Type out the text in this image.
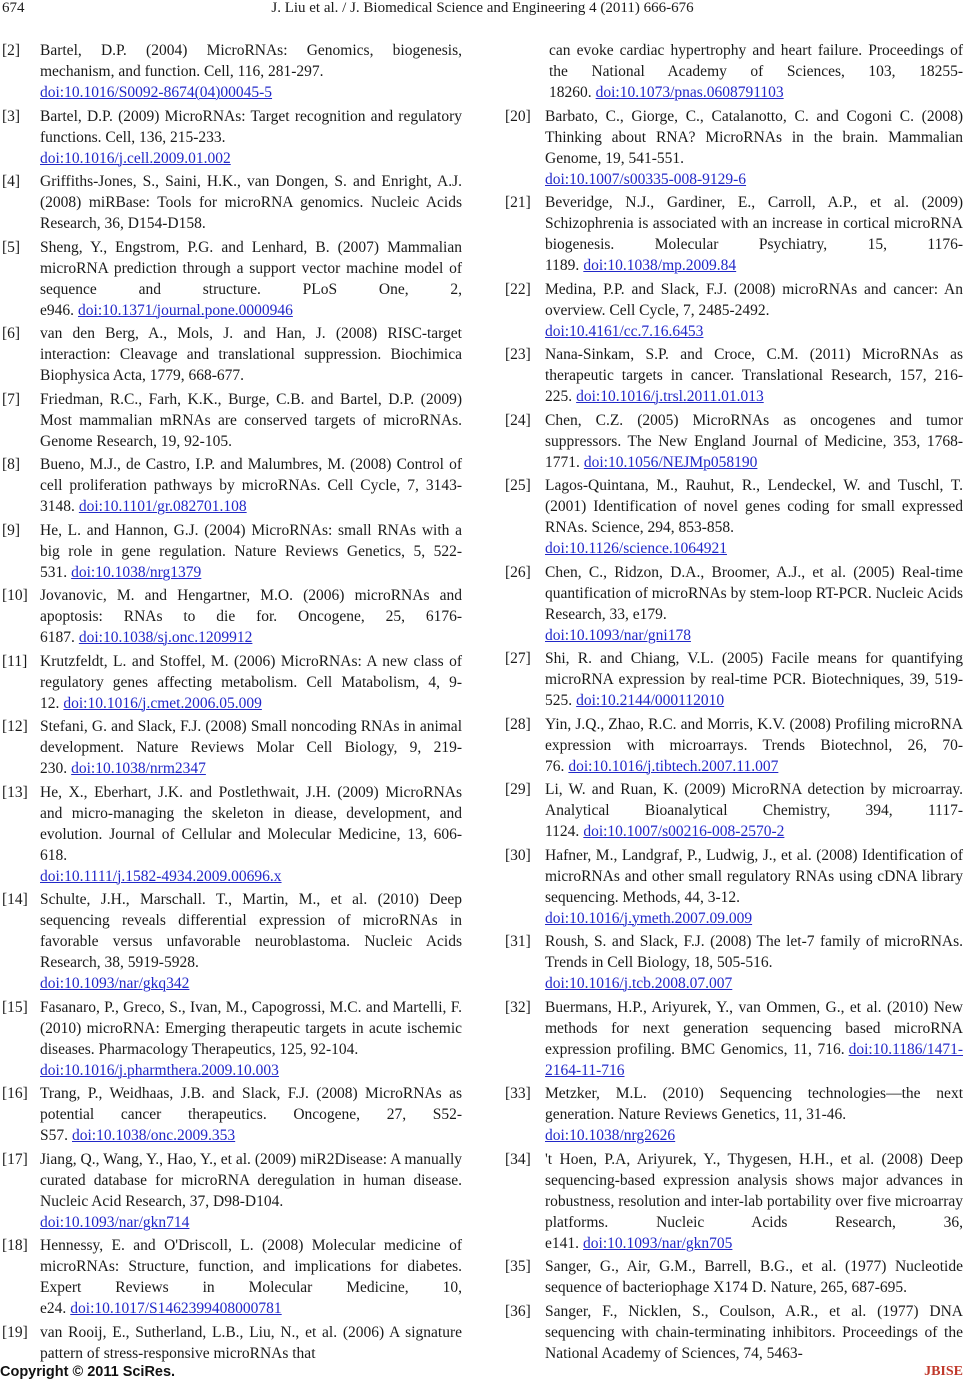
674	J. Liu et al. / J. Biomedical Science and Engineering 4 (2011) 666-676
[2] Bartel, D.P. (2004) MicroRNAs: Genomics, biogenesis, mechanism, and function. Cell, 116, 281-297.
doi:10.1016/S0092-8674(04)00045-5
[3] Bartel, D.P. (2009) MicroRNAs: Target recognition and regulatory functions. Cell, 136, 215-233.
doi:10.1016/j.cell.2009.01.002
[4] Griffiths-Jones, S., Saini, H.K., van Dongen, S. and Enright, A.J. (2008) miRBase: Tools for microRNA genomics. Nucleic Acids Research, 36, D154-D158.
[5] Sheng, Y., Engstrom, P.G. and Lenhard, B. (2007) Mammalian microRNA prediction through a support vector machine model of sequence and structure. PLoS One, 2, e946. doi:10.1371/journal.pone.0000946
[6] van den Berg, A., Mols, J. and Han, J. (2008) RISC-target interaction: Cleavage and translational suppression. Biochimica Biophysica Acta, 1779, 668-677.
[7] Friedman, R.C., Farh, K.K., Burge, C.B. and Bartel, D.P. (2009) Most mammalian mRNAs are conserved targets of microRNAs. Genome Research, 19, 92-105.
[8] Bueno, M.J., de Castro, I.P. and Malumbres, M. (2008) Control of cell proliferation pathways by microRNAs. Cell Cycle, 7, 3143-3148. doi:10.1101/gr.082701.108
[9] He, L. and Hannon, G.J. (2004) MicroRNAs: small RNAs with a big role in gene regulation. Nature Reviews Genetics, 5, 522-531. doi:10.1038/nrg1379
[10] Jovanovic, M. and Hengartner, M.O. (2006) microRNAs and apoptosis: RNAs to die for. Oncogene, 25, 6176-6187. doi:10.1038/sj.onc.1209912
[11] Krutzfeldt, L. and Stoffel, M. (2006) MicroRNAs: A new class of regulatory genes affecting metabolism. Cell Matabolism, 4, 9-12. doi:10.1016/j.cmet.2006.05.009
[12] Stefani, G. and Slack, F.J. (2008) Small noncoding RNAs in animal development. Nature Reviews Molar Cell Biology, 9, 219-230. doi:10.1038/nrm2347
[13] He, X., Eberhart, J.K. and Postlethwait, J.H. (2009) MicroRNAs and micro-managing the skeleton in diease, development, and evolution. Journal of Cellular and Molecular Medicine, 13, 606-618.
doi:10.1111/j.1582-4934.2009.00696.x
[14] Schulte, J.H., Marschall. T., Martin, M., et al. (2010) Deep sequencing reveals differential expression of microRNAs in favorable versus unfavorable neuroblastoma. Nucleic Acids Research, 38, 5919-5928.
doi:10.1093/nar/gkq342
[15] Fasanaro, P., Greco, S., Ivan, M., Capogrossi, M.C. and Martelli, F. (2010) microRNA: Emerging therapeutic targets in acute ischemic diseases. Pharmacology Therapeutics, 125, 92-104.
doi:10.1016/j.pharmthera.2009.10.003
[16] Trang, P., Weidhaas, J.B. and Slack, F.J. (2008) MicroRNAs as potential cancer therapeutics. Oncogene, 27, S52-S57. doi:10.1038/onc.2009.353
[17] Jiang, Q., Wang, Y., Hao, Y., et al. (2009) miR2Disease: A manually curated database for microRNA deregulation in human disease. Nucleic Acid Research, 37, D98-D104.
doi:10.1093/nar/gkn714
[18] Hennessy, E. and O'Driscoll, L. (2008) Molecular medicine of microRNAs: Structure, function, and implications for diabetes. Expert Reviews in Molecular Medicine, 10, e24. doi:10.1017/S1462399408000781
[19] van Rooij, E., Sutherland, L.B., Liu, N., et al. (2006) A signature pattern of stress-responsive microRNAs that
can evoke cardiac hypertrophy and heart failure. Proceedings of the National Academy of Sciences, 103, 18255-18260. doi:10.1073/pnas.0608791103
[20] Barbato, C., Giorge, C., Catalanotto, C. and Cogoni C. (2008) Thinking about RNA? MicroRNAs in the brain. Mammalian Genome, 19, 541-551.
doi:10.1007/s00335-008-9129-6
[21] Beveridge, N.J., Gardiner, E., Carroll, A.P., et al. (2009) Schizophrenia is associated with an increase in cortical microRNA biogenesis. Molecular Psychiatry, 15, 1176-1189. doi:10.1038/mp.2009.84
[22] Medina, P.P. and Slack, F.J. (2008) microRNAs and cancer: An overview. Cell Cycle, 7, 2485-2492.
doi:10.4161/cc.7.16.6453
[23] Nana-Sinkam, S.P. and Croce, C.M. (2011) MicroRNAs as therapeutic targets in cancer. Translational Research, 157, 216-225. doi:10.1016/j.trsl.2011.01.013
[24] Chen, C.Z. (2005) MicroRNAs as oncogenes and tumor suppressors. The New England Journal of Medicine, 353, 1768-1771. doi:10.1056/NEJMp058190
[25] Lagos-Quintana, M., Rauhut, R., Lendeckel, W. and Tuschl, T. (2001) Identification of novel genes coding for small expressed RNAs. Science, 294, 853-858.
doi:10.1126/science.1064921
[26] Chen, C., Ridzon, D.A., Broomer, A.J., et al. (2005) Real-time quantification of microRNAs by stem-loop RT-PCR. Nucleic Acids Research, 33, e179.
doi:10.1093/nar/gni178
[27] Shi, R. and Chiang, V.L. (2005) Facile means for quantifying microRNA expression by real-time PCR. Biotechniques, 39, 519-525. doi:10.2144/000112010
[28] Yin, J.Q., Zhao, R.C. and Morris, K.V. (2008) Profiling microRNA expression with microarrays. Trends Biotechnol, 26, 70-76. doi:10.1016/j.tibtech.2007.11.007
[29] Li, W. and Ruan, K. (2009) MicroRNA detection by microarray. Analytical Bioanalytical Chemistry, 394, 1117-1124. doi:10.1007/s00216-008-2570-2
[30] Hafner, M., Landgraf, P., Ludwig, J., et al. (2008) Identification of microRNAs and other small regulatory RNAs using cDNA library sequencing. Methods, 44, 3-12.
doi:10.1016/j.ymeth.2007.09.009
[31] Roush, S. and Slack, F.J. (2008) The let-7 family of microRNAs. Trends in Cell Biology, 18, 505-516.
doi:10.1016/j.tcb.2008.07.007
[32] Buermans, H.P., Ariyurek, Y., van Ommen, G., et al. (2010) New methods for next generation sequencing based microRNA expression profiling. BMC Genomics, 11, 716. doi:10.1186/1471-2164-11-716
[33] Metzker, M.L. (2010) Sequencing technologies—the next generation. Nature Reviews Genetics, 11, 31-46.
doi:10.1038/nrg2626
[34] 't Hoen, P.A, Ariyurek, Y., Thygesen, H.H., et al. (2008) Deep sequencing-based expression analysis shows major advances in robustness, resolution and inter-lab portability over five microarray platforms. Nucleic Acids Research, 36, e141. doi:10.1093/nar/gkn705
[35] Sanger, G., Air, G.M., Barrell, B.G., et al. (1977) Nucleotide sequence of bacteriophage X174 D. Nature, 265, 687-695.
[36] Sanger, F., Nicklen, S., Coulson, A.R., et al. (1977) DNA sequencing with chain-terminating inhibitors. Proceedings of the National Academy of Sciences, 74, 5463-
Copyright © 2011 SciRes.	JBISE
